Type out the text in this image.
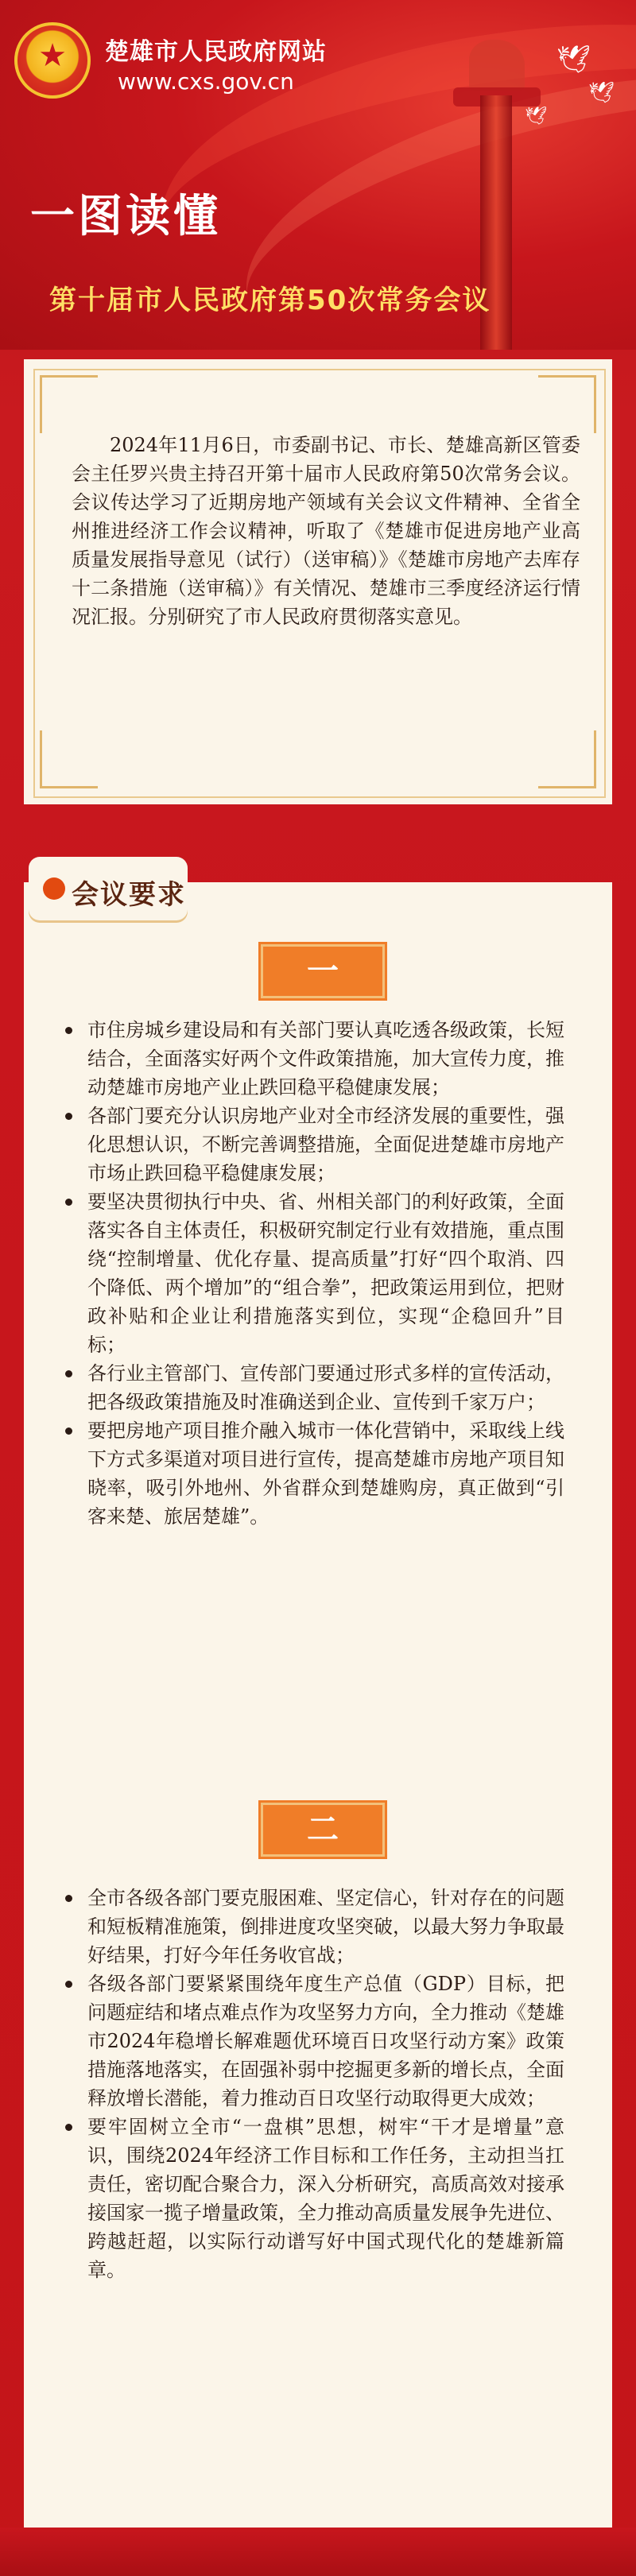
🕊
🕊
🕊
★	楚雄市人民政府网站
www.cxs.gov.cn
一图读懂
第十届市人民政府第50次常务会议
2024年11月6日，市委副书记、市长、楚雄高新区管委会主任罗兴贵主持召开第十届市人民政府第50次常务会议。会议传达学习了近期房地产领域有关会议文件精神、全省全州推进经济工作会议精神，听取了《楚雄市促进房地产业高质量发展指导意见（试行）（送审稿）》《楚雄市房地产去库存十二条措施（送审稿）》有关情况、楚雄市三季度经济运行情况汇报。分别研究了市人民政府贯彻落实意见。
会议要求
一
市住房城乡建设局和有关部门要认真吃透各级政策，长短结合，全面落实好两个文件政策措施，加大宣传力度，推动楚雄市房地产业止跌回稳平稳健康发展；
各部门要充分认识房地产业对全市经济发展的重要性，强化思想认识，不断完善调整措施，全面促进楚雄市房地产市场止跌回稳平稳健康发展；
要坚决贯彻执行中央、省、州相关部门的利好政策，全面落实各自主体责任，积极研究制定行业有效措施，重点围绕“控制增量、优化存量、提高质量”打好“四个取消、四个降低、两个增加”的“组合拳”，把政策运用到位，把财政补贴和企业让利措施落实到位，实现“企稳回升”目标；
各行业主管部门、宣传部门要通过形式多样的宣传活动，把各级政策措施及时准确送到企业、宣传到千家万户；
要把房地产项目推介融入城市一体化营销中，采取线上线下方式多渠道对项目进行宣传，提高楚雄市房地产项目知晓率，吸引外地州、外省群众到楚雄购房，真正做到“引客来楚、旅居楚雄”。
二
全市各级各部门要克服困难、坚定信心，针对存在的问题和短板精准施策，倒排进度攻坚突破，以最大努力争取最好结果，打好今年任务收官战；
各级各部门要紧紧围绕年度生产总值（GDP）目标，把问题症结和堵点难点作为攻坚努力方向，全力推动《楚雄市2024年稳增长解难题优环境百日攻坚行动方案》政策措施落地落实，在固强补弱中挖掘更多新的增长点，全面释放增长潜能，着力推动百日攻坚行动取得更大成效；
要牢固树立全市“一盘棋”思想，树牢“干才是增量”意识，围绕2024年经济工作目标和工作任务，主动担当扛责任，密切配合聚合力，深入分析研究，高质高效对接承接国家一揽子增量政策，全力推动高质量发展争先进位、跨越赶超，以实际行动谱写好中国式现代化的楚雄新篇章。
